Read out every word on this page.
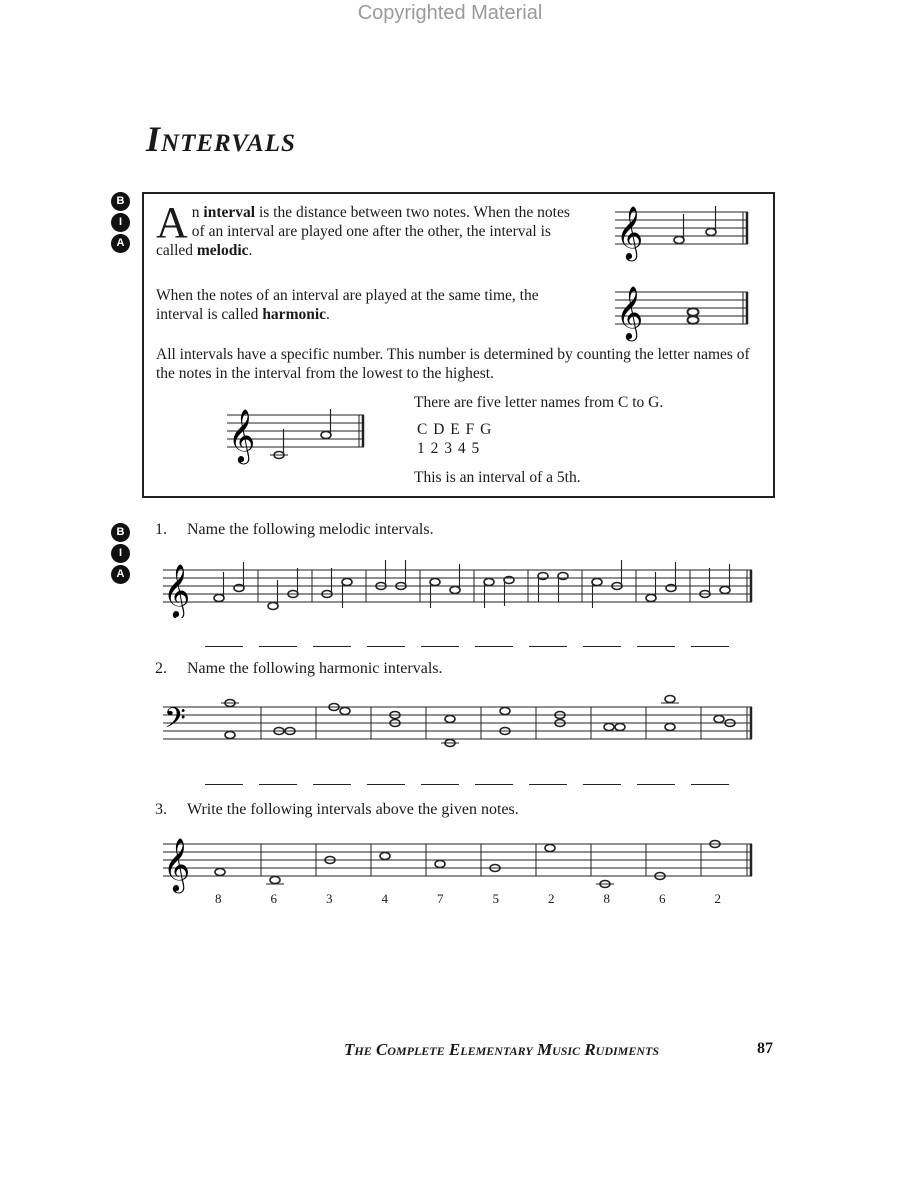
Copyrighted Material
Intervals
B
I
A
B
I
A
An interval is the distance between two notes. When the notes of an interval are played one after the other, the interval is called melodic.
When the notes of an interval are played at the same time, the interval is called harmonic.
All intervals have a specific number. This number is determined by counting the letter names of the notes in the interval from the lowest to the highest.
There are five letter names from C to G.
C D E F G
1 2 3 4 5
This is an interval of a 5th.
𝄞
𝄞
𝄞
1. Name the following melodic intervals.
𝄞
2. Name the following harmonic intervals.
𝄢
3. Write the following intervals above the given notes.
𝄞
8	6	3	4	7	5	2	8	6	2
The Complete Elementary Music Rudiments	87
